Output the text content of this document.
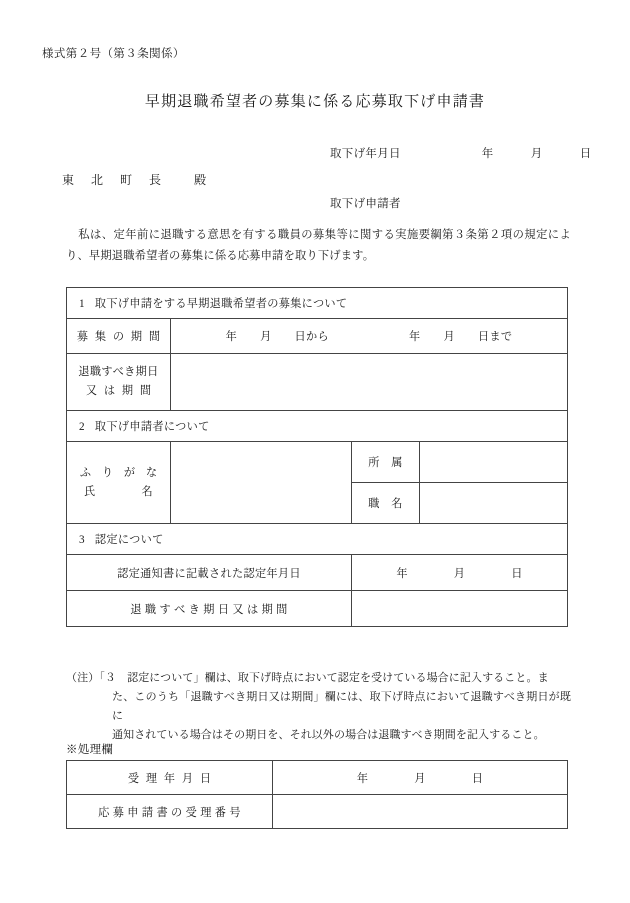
様式第２号（第３条関係）
早期退職希望者の募集に係る応募取下げ申請書
取下げ年月日	年	月	日
東 北 町 長 殿
取下げ申請者
私は、定年前に退職する意思を有する職員の募集等に関する実施要綱第３条第２項の規定により、早期退職希望者の募集に係る応募申請を取り下げます。
1 取下げ申請をする早期退職希望者の募集について			
募 集 の 期 間	年　　月　　日から 年　　月　　日まで		

退職すべき期日
又 は 期 間			

2 取下げ申請者について			

ふ り が な
氏　　　　名		所　属	
		職　名	
3 認定について			
認定通知書に記載された認定年月日		年　　　　月　　　　日	
退 職 す べ き 期 日 又 は 期 間			
（注）「３　認定について」欄は、取下げ時点において認定を受けている場合に記入すること。ま
た、このうち「退職すべき期日又は期間」欄には、取下げ時点において退職すべき期日が既に
通知されている場合はその期日を、それ以外の場合は退職すべき期間を記入すること。
※処理欄
受 理 年 月 日	年　　　　月　　　　日
応 募 申 請 書 の 受 理 番 号	
